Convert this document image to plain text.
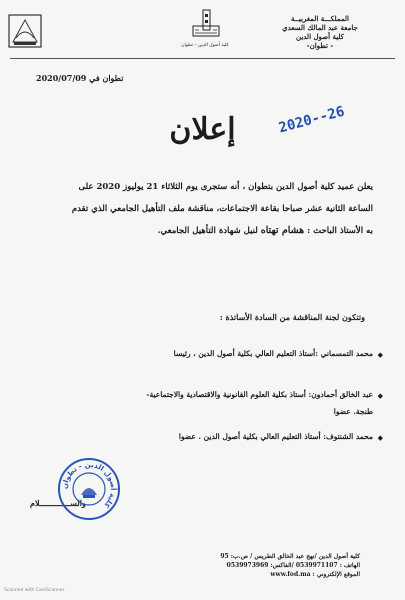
المملكـــة المغربيــة
جامعة عبد المالك السعدي
كلية أصول الدين
- تطوان-
كلية أصول الدين – تطوان
تطوان في 2020/07/09
إعلان	2020--26
يعلن عميد كلية أصول الدين بتطوان ، أنه ستجرى يوم الثلاثاء 21 يوليوز 2020 على
الساعة الثانية عشر صباحا بقاعة الاجتماعات، مناقشة ملف التأهيل الجامعي الذي تقدم
به الأستاذ الباحث : هشام تهتاه لنيل شهادة التأهيل الجامعي.
وتتكون لجنة المناقشة من السادة الأساتذة :
◆
محمد التمسماني :أستاذ التعليم العالي بكلية أصول الدين ، رئيسا
◆
عبد الخالق أحمادون: أستاذ بكلية العلوم القانونية والاقتصادية والاجتماعية-
طنجة. عضوا
◆
محمد الشنتوف: أستاذ التعليم العالي بكلية أصول الدين . عضوا
والســـــــــــــلام
كلية أصول الدين - تطوان
كلية أصول الدين /نهج عبد الخالق الطريس / ص.ب: 95
الهاتف : 0539971107 /الفاكس: 0539973969
الموقع الإلكتروني : www.fod.ma
Scanned with CamScanner
